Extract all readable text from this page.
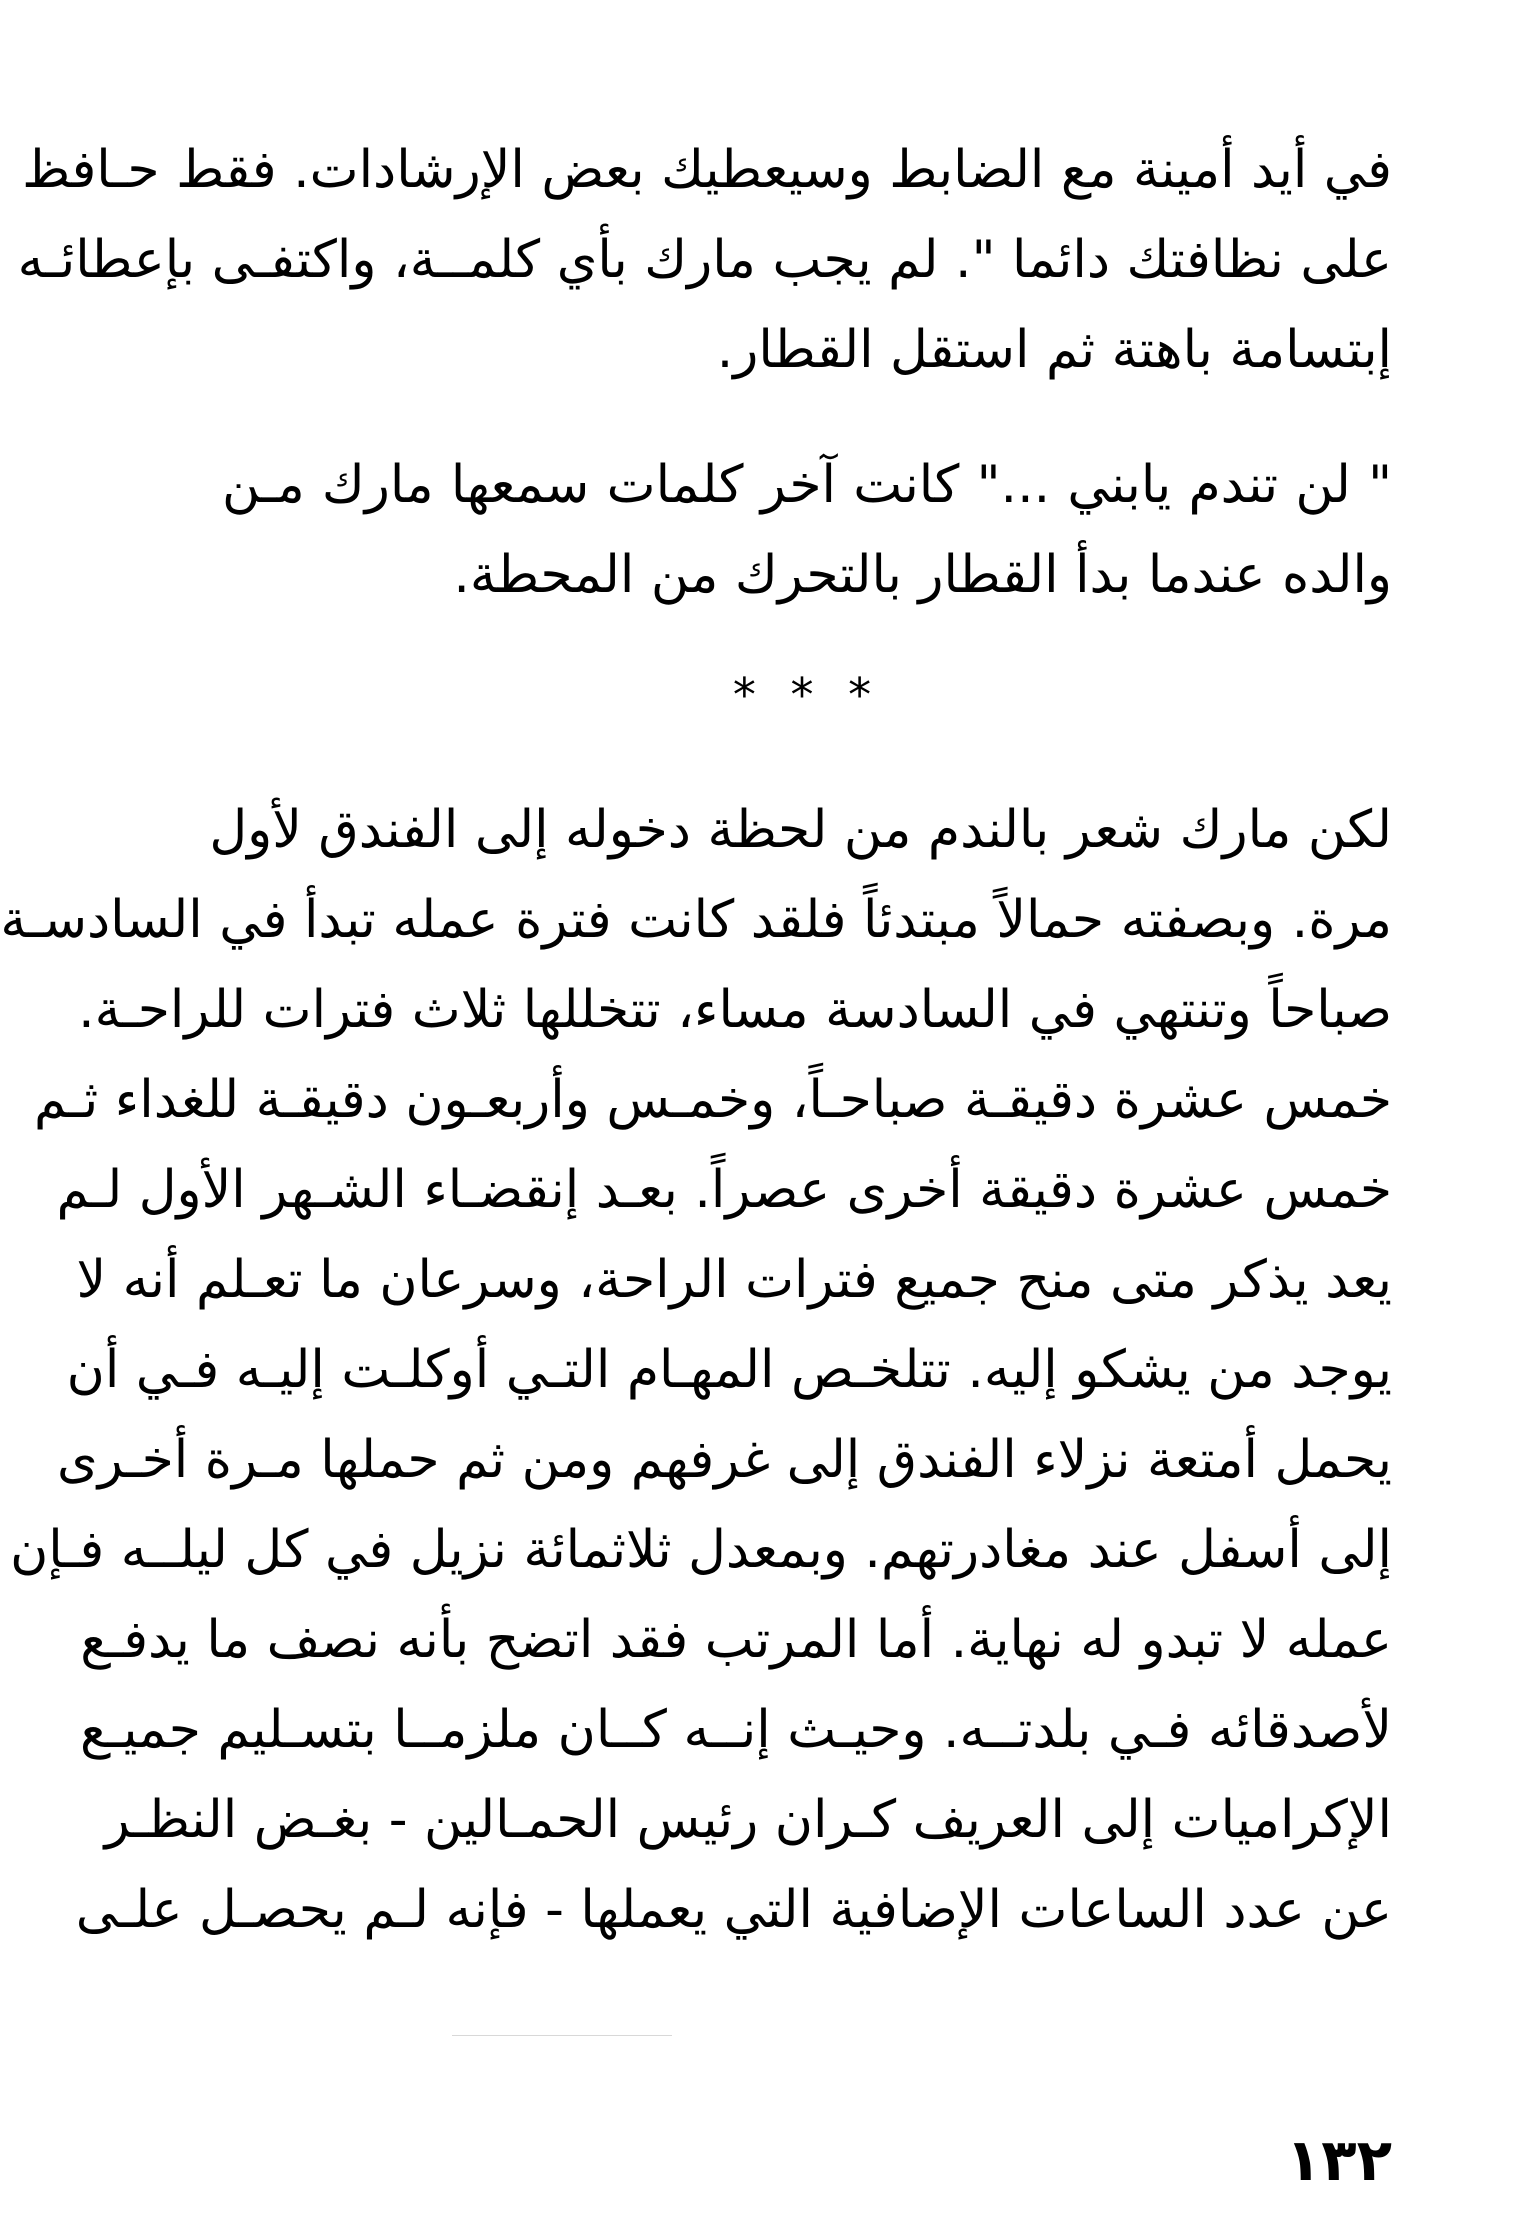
في أيد أمينة مع الضابط وسيعطيك بعض الإرشادات. فقط حـافظ
على نظافتك دائما ". لم يجب مارك بأي كلمــة، واكتفـى بإعطائـه
إبتسامة باهتة ثم استقل القطار.
" لن تندم يابني ..." كانت آخر كلمات سمعها مارك مـن
والده عندما بدأ القطار بالتحرك من المحطة.
* * *
لكن مارك شعر بالندم من لحظة دخوله إلى الفندق لأول
مرة. وبصفته حمالاً مبتدئاً فلقد كانت فترة عمله تبدأ في السادسـة
صباحاً وتنتهي في السادسة مساء، تتخللها ثلاث فترات للراحـة.
خمس عشرة دقيقـة صباحـاً، وخمـس وأربعـون دقيقـة للغداء ثـم
خمس عشرة دقيقة أخرى عصراً. بعـد إنقضـاء الشـهر الأول لـم
يعد يذكر متى منح جميع فترات الراحة، وسرعان ما تعـلم أنه لا
يوجد من يشكو إليه. تتلخـص المهـام التـي أوكلـت إليـه فـي أن
يحمل أمتعة نزلاء الفندق إلى غرفهم ومن ثم حملها مـرة أخـرى
إلى أسفل عند مغادرتهم. وبمعدل ثلاثمائة نزيل في كل ليلــه فـإن
عمله لا تبدو له نهاية. أما المرتب فقد اتضح بأنه نصف ما يدفـع
لأصدقائه فـي بلدتــه. وحيـث إنــه كــان ملزمــا بتسـليم جميـع
الإكراميات إلى العريف كـران رئيس الحمـالين - بغـض النظـر
عن عدد الساعات الإضافية التي يعملها - فإنه لـم يحصـل علـى
١٣٢
